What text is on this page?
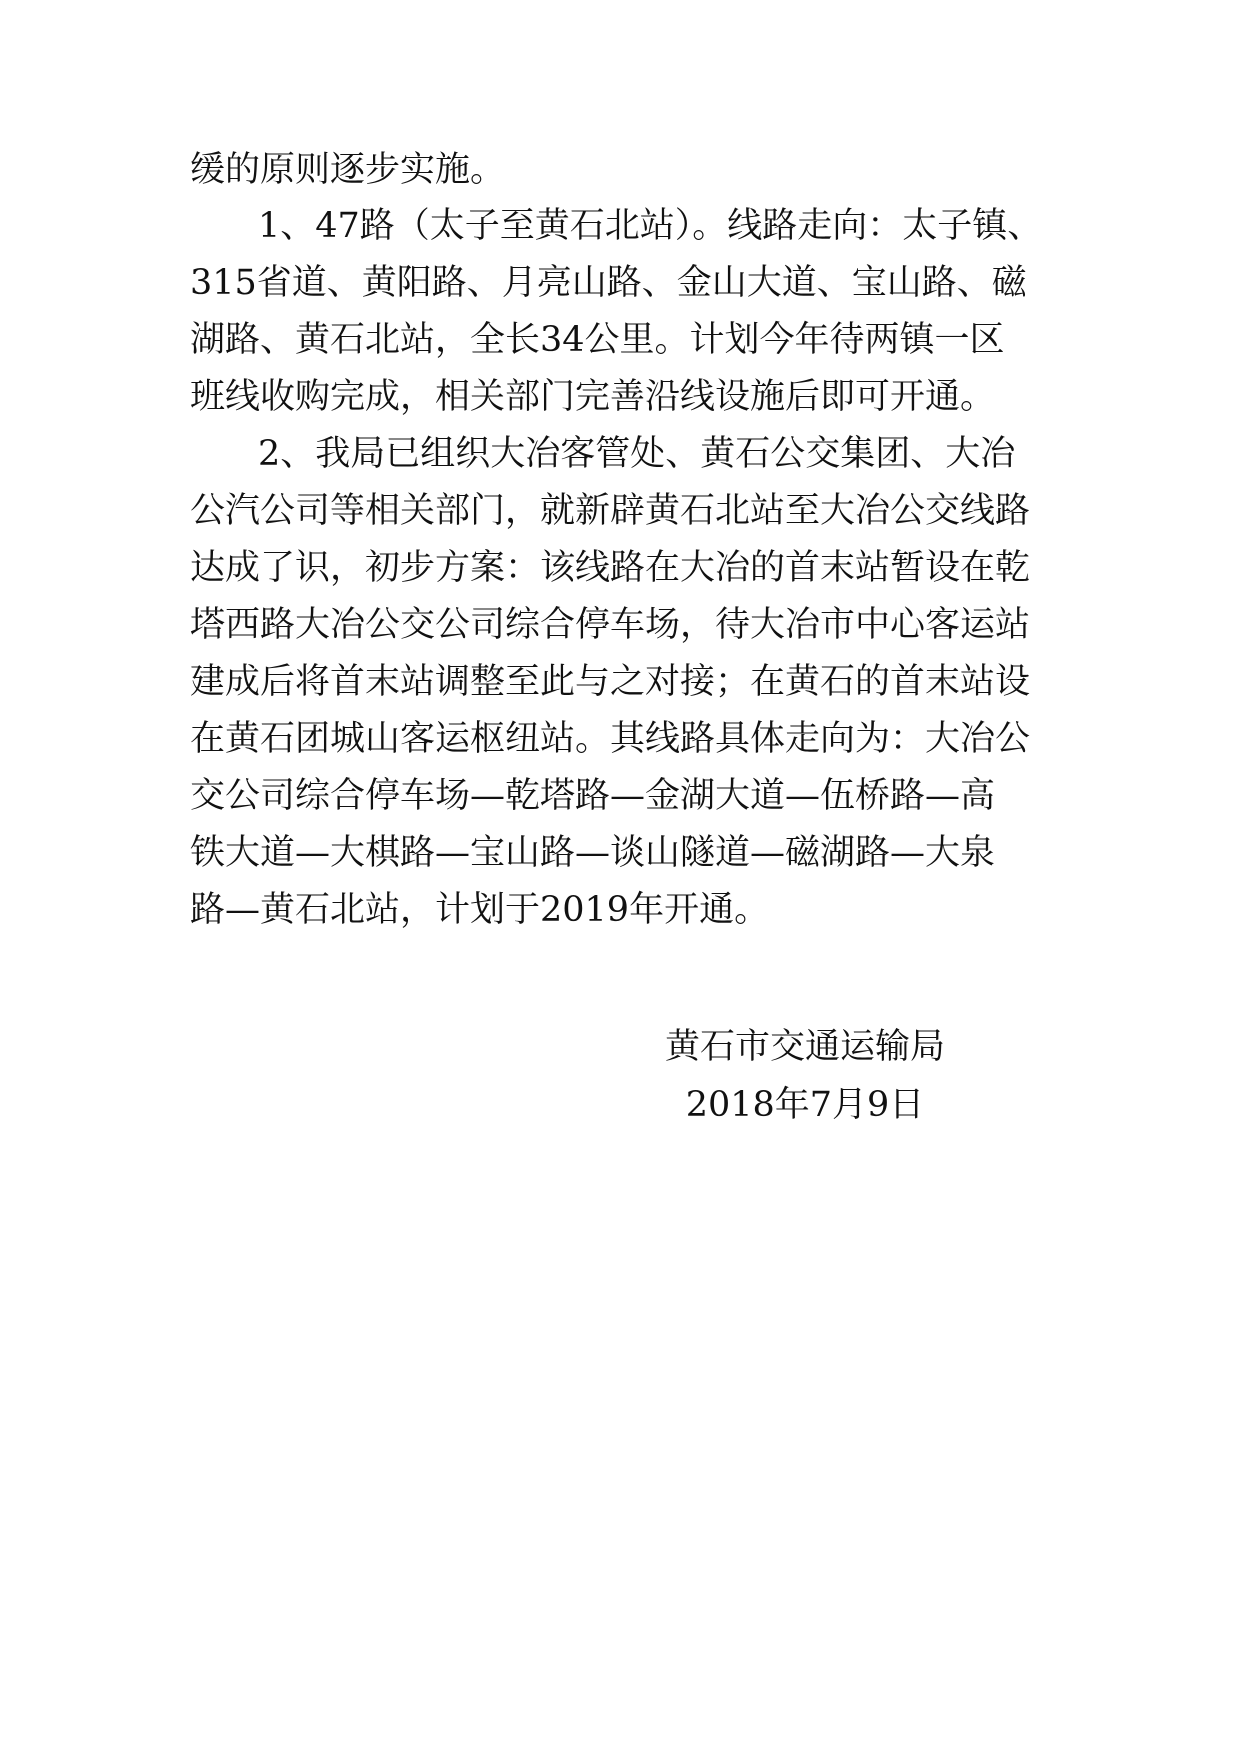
缓的原则逐步实施。
1、47路（太子至黄石北站）。线路走向：太子镇、
315省道、黄阳路、月亮山路、金山大道、宝山路、磁
湖路、黄石北站，全长34公里。计划今年待两镇一区
班线收购完成，相关部门完善沿线设施后即可开通。
2、我局已组织大冶客管处、黄石公交集团、大冶
公汽公司等相关部门，就新辟黄石北站至大冶公交线路
达成了识，初步方案：该线路在大冶的首末站暂设在乾
塔西路大冶公交公司综合停车场，待大冶市中心客运站
建成后将首末站调整至此与之对接；在黄石的首末站设
在黄石团城山客运枢纽站。其线路具体走向为：大冶公
交公司综合停车场—乾塔路—金湖大道—伍桥路—高
铁大道—大棋路—宝山路—谈山隧道—磁湖路—大泉
路—黄石北站，计划于2019年开通。
黄石市交通运输局
2018年7月9日
